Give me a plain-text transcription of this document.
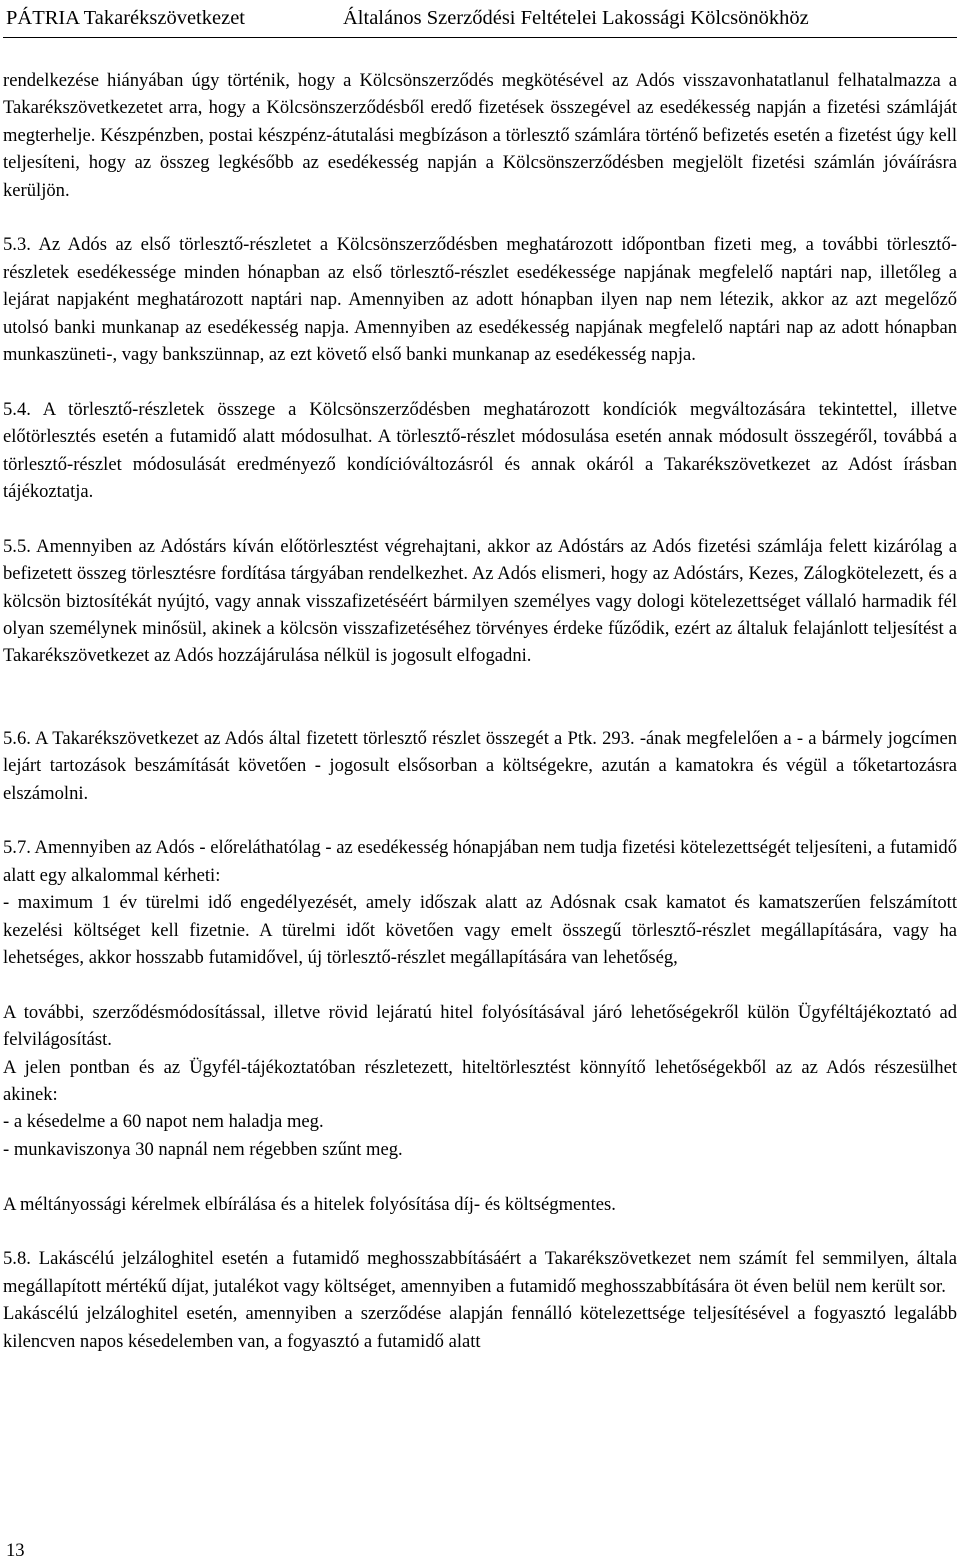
PÁTRIA Takarékszövetkezet	Általános Szerződési Feltételei Lakossági Kölcsönökhöz

rendelkezése hiányában úgy történik, hogy a Kölcsönszerződés megkötésével az Adós visszavonhatatlanul felhatalmazza a Takarékszövetkezetet arra, hogy a Kölcsönszerződésből eredő fizetések összegével az esedékesség napján a fizetési számláját megterhelje. Készpénzben, postai készpénz-átutalási megbízáson a törlesztő számlára történő befizetés esetén a fizetést úgy kell teljesíteni, hogy az összeg legkésőbb az esedékesség napján a Kölcsönszerződésben megjelölt fizetési számlán jóváírásra kerüljön.

5.3. Az Adós az első törlesztő-részletet a Kölcsönszerződésben meghatározott időpontban fizeti meg, a további törlesztő-részletek esedékessége minden hónapban az első törlesztő-részlet esedékessége napjának megfelelő naptári nap, illetőleg a lejárat napjaként meghatározott naptári nap. Amennyiben az adott hónapban ilyen nap nem létezik, akkor az azt megelőző utolsó banki munkanap az esedékesség napja. Amennyiben az esedékesség napjának megfelelő naptári nap az adott hónapban munkaszüneti-, vagy bankszünnap, az ezt követő első banki munkanap az esedékesség napja.

5.4. A törlesztő-részletek összege a Kölcsönszerződésben meghatározott kondíciók megváltozására tekintettel, illetve előtörlesztés esetén a futamidő alatt módosulhat. A törlesztő-részlet módosulása esetén annak módosult összegéről, továbbá a törlesztő-részlet módosulását eredményező kondícióváltozásról és annak okáról a Takarékszövetkezet az Adóst írásban tájékoztatja.

5.5. Amennyiben az Adóstárs kíván előtörlesztést végrehajtani, akkor az Adóstárs az Adós fizetési számlája felett kizárólag a befizetett összeg törlesztésre fordítása tárgyában rendelkezhet. Az Adós elismeri, hogy az Adóstárs, Kezes, Zálogkötelezett, és a kölcsön biztosítékát nyújtó, vagy annak visszafizetéséért bármilyen személyes vagy dologi kötelezettséget vállaló harmadik fél olyan személynek minősül, akinek a kölcsön visszafizetéséhez törvényes érdeke fűződik, ezért az általuk felajánlott teljesítést a Takarékszövetkezet az Adós hozzájárulása nélkül is jogosult elfogadni.

5.6. A Takarékszövetkezet az Adós által fizetett törlesztő részlet összegét a Ptk. 293. -ának megfelelően a - a bármely jogcímen lejárt tartozások beszámítását követően - jogosult elsősorban a költségekre, azután a kamatokra és végül a tőketartozásra elszámolni.

5.7. Amennyiben az Adós - előreláthatólag - az esedékesség hónapjában nem tudja fizetési kötelezettségét teljesíteni, a futamidő alatt egy alkalommal kérheti:

- maximum 1 év türelmi idő engedélyezését, amely időszak alatt az Adósnak csak kamatot és kamatszerűen felszámított kezelési költséget kell fizetnie. A türelmi időt követően vagy emelt összegű törlesztő-részlet megállapítására, vagy ha lehetséges, akkor hosszabb futamidővel, új törlesztő-részlet megállapítására van lehetőség,

A további, szerződésmódosítással, illetve rövid lejáratú hitel folyósításával járó lehetőségekről külön Ügyféltájékoztató ad felvilágosítást.

A jelen pontban és az Ügyfél-tájékoztatóban részletezett, hiteltörlesztést könnyítő lehetőségekből az az Adós részesülhet akinek:

- a késedelme a 60 napot nem haladja meg.

- munkaviszonya 30 napnál nem régebben szűnt meg.

A méltányossági kérelmek elbírálása és a hitelek folyósítása díj- és költségmentes.

5.8. Lakáscélú jelzáloghitel esetén a futamidő meghosszabbításáért a Takarékszövetkezet nem számít fel semmilyen, általa megállapított mértékű díjat, jutalékot vagy költséget, amennyiben a futamidő meghosszabbítására öt éven belül nem került sor.

Lakáscélú jelzáloghitel esetén, amennyiben a szerződése alapján fennálló kötelezettsége teljesítésével a fogyasztó legalább kilencven napos késedelemben van, a fogyasztó a futamidő alatt

13
